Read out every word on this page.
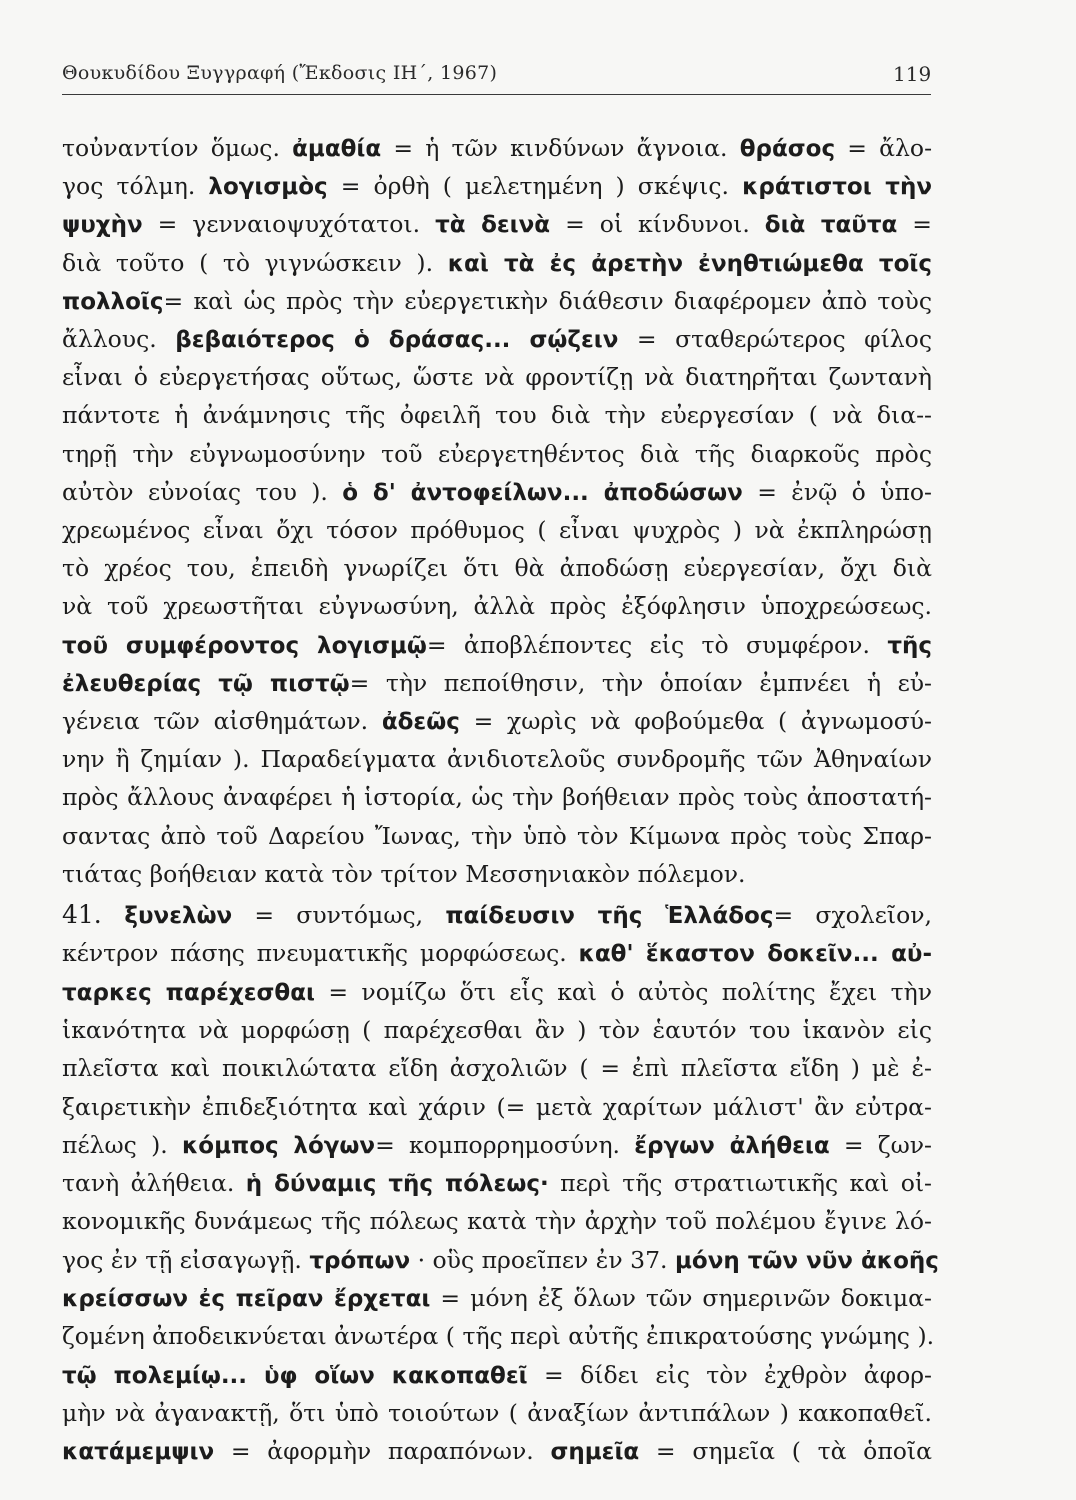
Θουκυδίδου Ξυγγραφή (Ἔκδοσις ΙΗ΄, 1967)	119
τοὐναντίον ὅμως. ἀμαθία = ἡ τῶν κινδύνων ἄγνοια. θράσος = ἄλο-
γος τόλμη. λογισμὸς = ὀρθὴ ( μελετημένη ) σκέψις. κράτιστοι τὴν
ψυχὴν = γενναιοψυχότατοι. τὰ δεινὰ = οἱ κίνδυνοι. διὰ ταῦτα =
διὰ τοῦτο ( τὸ γιγνώσκειν ). καὶ τὰ ἐς ἀρετὴν ἐνηθτιώμεθα τοῖς
πολλοῖς= καὶ ὡς πρὸς τὴν εὐεργετικὴν διάθεσιν διαφέρομεν ἀπὸ τοὺς
ἄλλους. βεβαιότερος ὁ δράσας... σῴζειν = σταθερώτερος φίλος
εἶναι ὁ εὐεργετήσας οὕτως, ὥστε νὰ φροντίζῃ νὰ διατηρῆται ζωντανὴ
πάντοτε ἡ ἀνάμνησις τῆς ὀφειλῆ του διὰ τὴν εὐεργεσίαν ( νὰ δια--
τηρῇ τὴν εὐγνωμοσύνην τοῦ εὐεργετηθέντος διὰ τῆς διαρκοῦς πρὸς
αὐτὸν εὐνοίας του ). ὁ δ' ἀντοφείλων... ἀποδώσων = ἐνῷ ὁ ὑπο-
χρεωμένος εἶναι ὄχι τόσον πρόθυμος ( εἶναι ψυχρὸς ) νὰ ἐκπληρώσῃ
τὸ χρέος του, ἐπειδὴ γνωρίζει ὅτι θὰ ἀποδώσῃ εὐεργεσίαν, ὄχι διὰ
νὰ τοῦ χρεωστῆται εὐγνωσύνη, ἀλλὰ πρὸς ἐξόφλησιν ὑποχρεώσεως.
τοῦ συμφέροντος λογισμῷ= ἀποβλέποντες εἰς τὸ συμφέρον. τῆς
ἐλευθερίας τῷ πιστῷ= τὴν πεποίθησιν, τὴν ὁποίαν ἐμπνέει ἡ εὐ-
γένεια τῶν αἰσθημάτων. ἀδεῶς = χωρὶς νὰ φοβούμεθα ( ἀγνωμοσύ-
νην ἢ ζημίαν ). Παραδείγματα ἀνιδιοτελοῦς συνδρομῆς τῶν Ἀθηναίων
πρὸς ἄλλους ἀναφέρει ἡ ἱστορία, ὡς τὴν βοήθειαν πρὸς τοὺς ἀποστατή-
σαντας ἀπὸ τοῦ Δαρείου Ἴωνας, τὴν ὑπὸ τὸν Κίμωνα πρὸς τοὺς Σπαρ-
τιάτας βοήθειαν κατὰ τὸν τρίτον Μεσσηνιακὸν πόλεμον.
41. ξυνελὼν = συντόμως, παίδευσιν τῆς Ἑλλάδος= σχολεῖον,
κέντρον πάσης πνευματικῆς μορφώσεως. καθ' ἕκαστον δοκεῖν... αὐ-
ταρκες παρέχεσθαι = νομίζω ὅτι εἷς καὶ ὁ αὐτὸς πολίτης ἔχει τὴν
ἱκανότητα νὰ μορφώσῃ ( παρέχεσθαι ἂν ) τὸν ἑαυτόν του ἱκανὸν εἰς
πλεῖστα καὶ ποικιλώτατα εἴδη ἀσχολιῶν ( = ἐπὶ πλεῖστα εἴδη ) μὲ ἐ-
ξαιρετικὴν ἐπιδεξιότητα καὶ χάριν (= μετὰ χαρίτων μάλιστ' ἂν εὐτρα-
πέλως ). κόμπος λόγων= κομπορρημοσύνη. ἔργων ἀλήθεια = ζων-
τανὴ ἀλήθεια. ἡ δύναμις τῆς πόλεως· περὶ τῆς στρατιωτικῆς καὶ οἰ-
κονομικῆς δυνάμεως τῆς πόλεως κατὰ τὴν ἀρχὴν τοῦ πολέμου ἔγινε λό-
γος ἐν τῇ εἰσαγωγῇ. τρόπων · οὓς προεῖπεν ἐν 37. μόνη τῶν νῦν ἀκοῆς
κρείσσων ἐς πεῖραν ἔρχεται = μόνη ἐξ ὅλων τῶν σημερινῶν δοκιμα-
ζομένη ἀποδεικνύεται ἀνωτέρα ( τῆς περὶ αὐτῆς ἐπικρατούσης γνώμης ).
τῷ πολεμίῳ... ὑφ οἵων κακοπαθεῖ = δίδει εἰς τὸν ἐχθρὸν ἀφορ-
μὴν νὰ ἀγανακτῇ, ὅτι ὑπὸ τοιούτων ( ἀναξίων ἀντιπάλων ) κακοπαθεῖ.
κατάμεμψιν = ἀφορμὴν παραπόνων. σημεῖα = σημεῖα ( τὰ ὁποῖα
